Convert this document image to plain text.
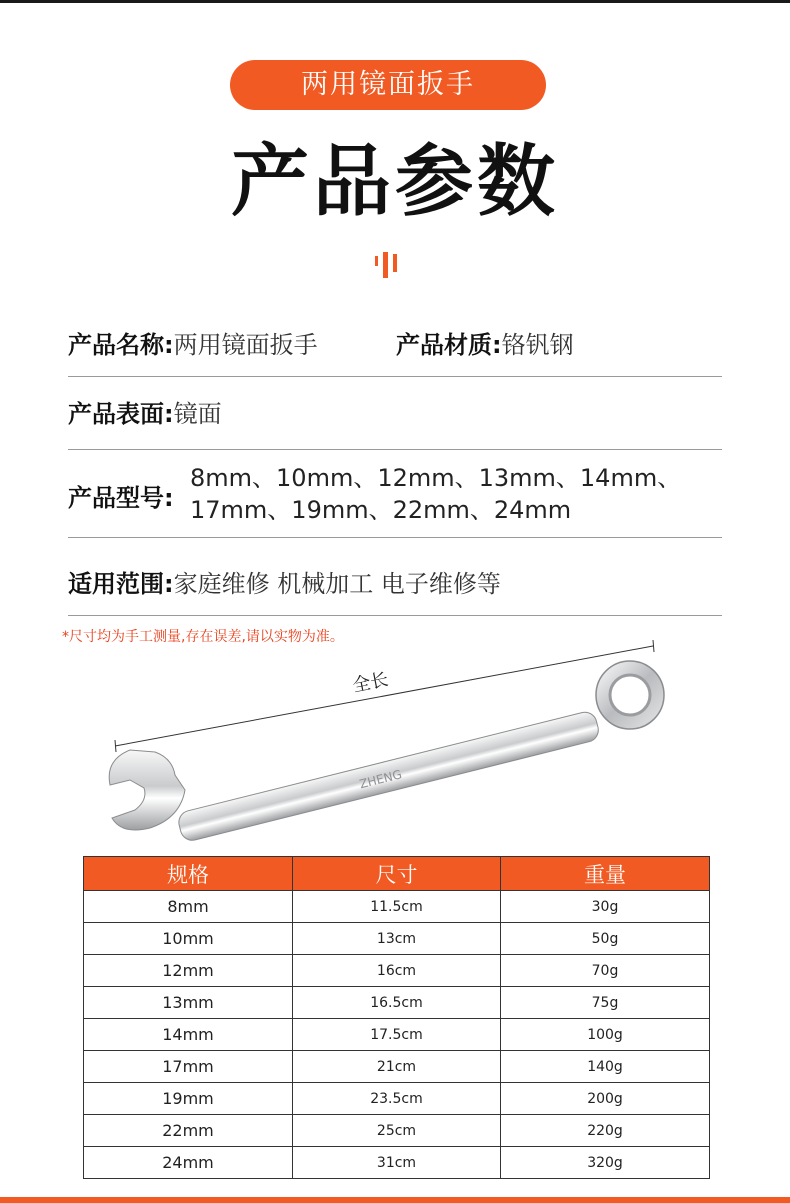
两用镜面扳手
产品参数
产品名称:两用镜面扳手	产品材质:铬钒钢
产品表面:镜面
产品型号:
8mm、10mm、12mm、13mm、14mm、
17mm、19mm、22mm、24mm
适用范围:家庭维修 机械加工 电子维修等
*尺寸均为手工测量,存在误差,请以实物为准。
ZHENG
全长
规格	尺寸	重量
8mm	11.5cm	30g
10mm	13cm	50g
12mm	16cm	70g
13mm	16.5cm	75g
14mm	17.5cm	100g
17mm	21cm	140g
19mm	23.5cm	200g
22mm	25cm	220g
24mm	31cm	320g
